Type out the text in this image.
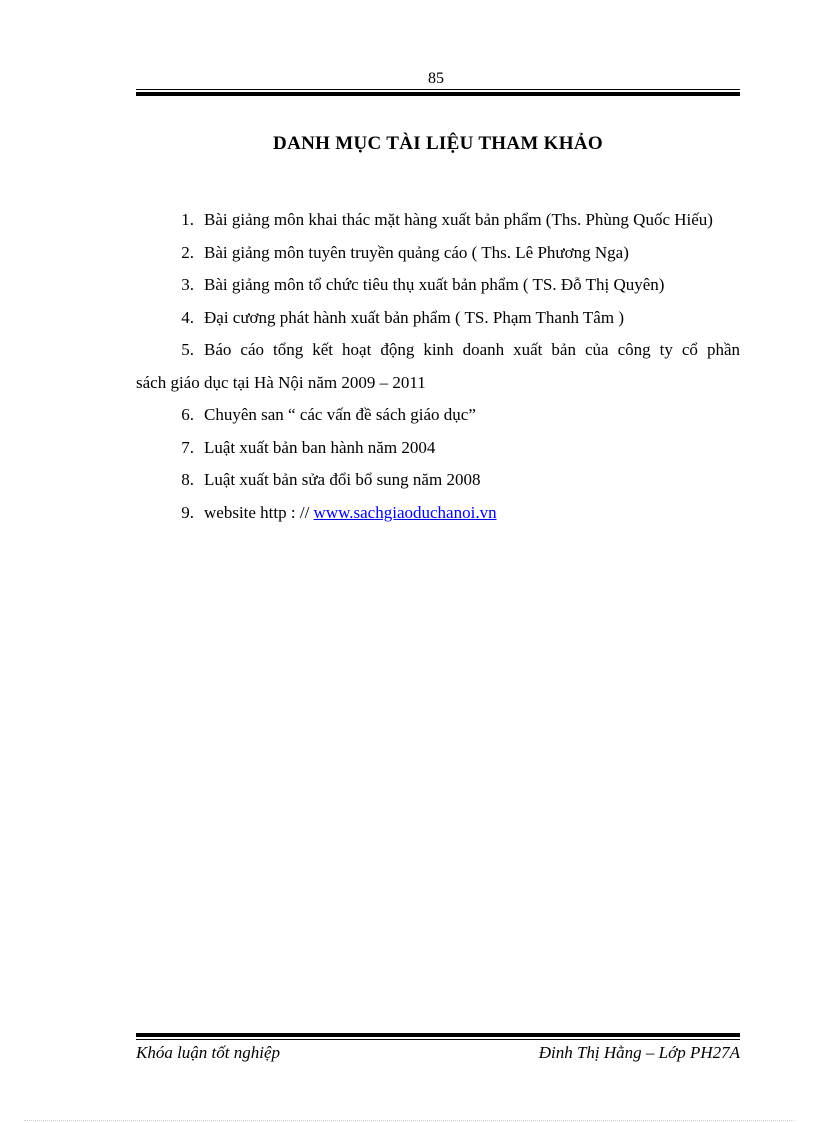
85
DANH MỤC TÀI LIỆU THAM KHẢO
1. Bài giảng môn khai thác mặt hàng xuất bản phẩm (Ths. Phùng Quốc Hiếu)
2. Bài giảng môn tuyên truyền quảng cáo ( Ths. Lê Phương Nga)
3. Bài giảng môn tổ chức tiêu thụ xuất bản phẩm ( TS. Đỗ Thị Quyên)
4. Đại cương phát hành xuất bản phẩm ( TS. Phạm Thanh Tâm )
5. Báo cáo tổng kết hoạt động kinh doanh xuất bản của công ty cổ phần
sách giáo dục tại Hà Nội năm 2009 – 2011
6. Chuyên san “ các vấn đề sách giáo dục”
7. Luật xuất bản ban hành năm 2004
8. Luật xuất bản sửa đổi bổ sung năm 2008
9. website http : // www.sachgiaoduchanoi.vn
Khóa luận tốt nghiệp	Đinh Thị Hằng – Lớp PH27A
